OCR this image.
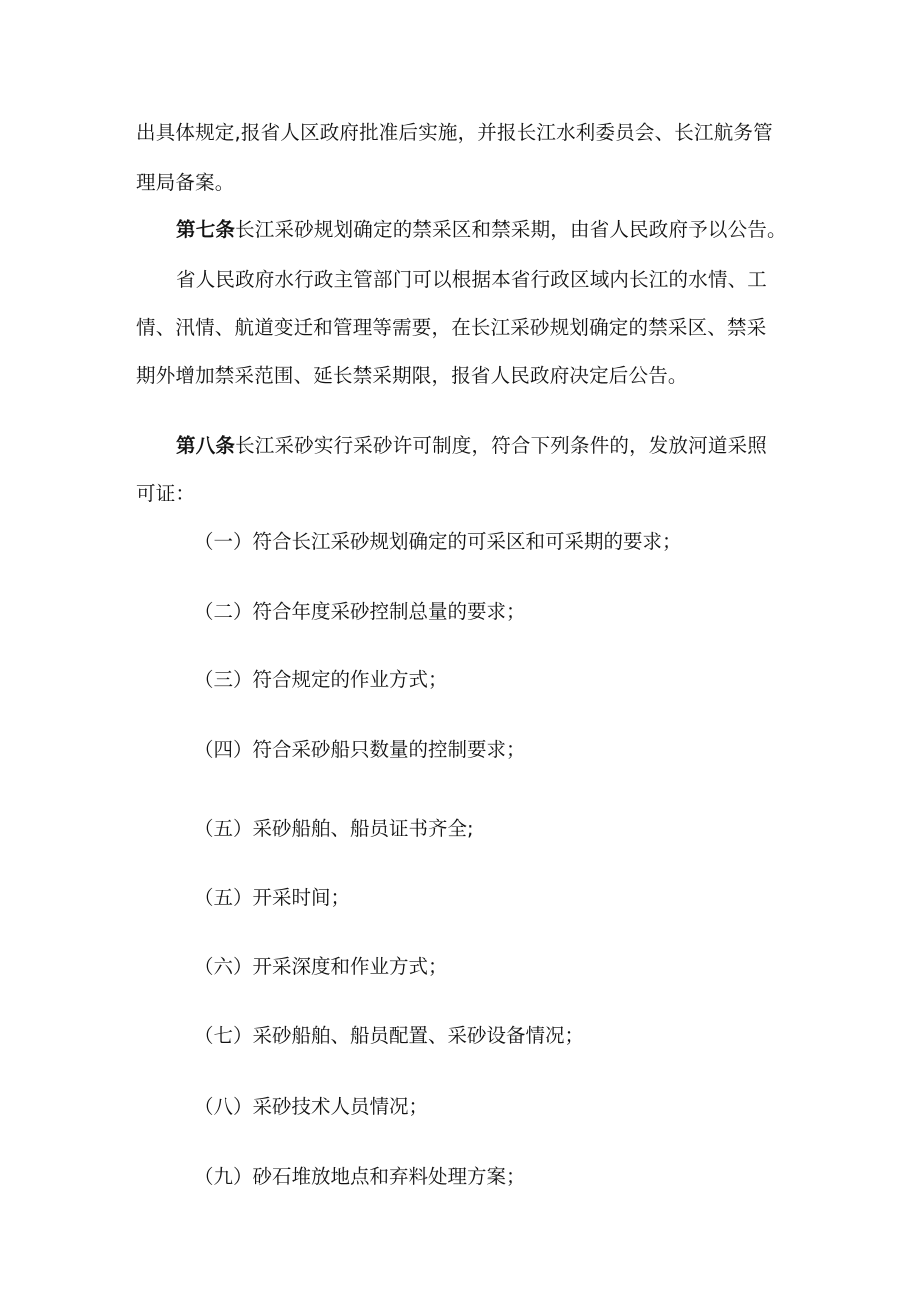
出具体规定,报省人区政府批准后实施，并报长江水利委员会、长江航务管
理局备案。
第七条长江采砂规划确定的禁采区和禁采期，由省人民政府予以公告。
省人民政府水行政主管部门可以根据本省行政区域内长江的水情、工
情、汛情、航道变迁和管理等需要，在长江采砂规划确定的禁采区、禁采
期外增加禁采范围、延长禁采期限，报省人民政府决定后公告。
第八条长江采砂实行采砂许可制度，符合下列条件的，发放河道采照
可证：
（一）符合长江采砂规划确定的可采区和可采期的要求；
（二）符合年度采砂控制总量的要求；
（三）符合规定的作业方式；
（四）符合采砂船只数量的控制要求；
（五）采砂船舶、船员证书齐全;
（五）开采时间；
（六）开采深度和作业方式；
（七）采砂船舶、船员配置、采砂设备情况；
（八）采砂技术人员情况；
（九）砂石堆放地点和弃料处理方案；
